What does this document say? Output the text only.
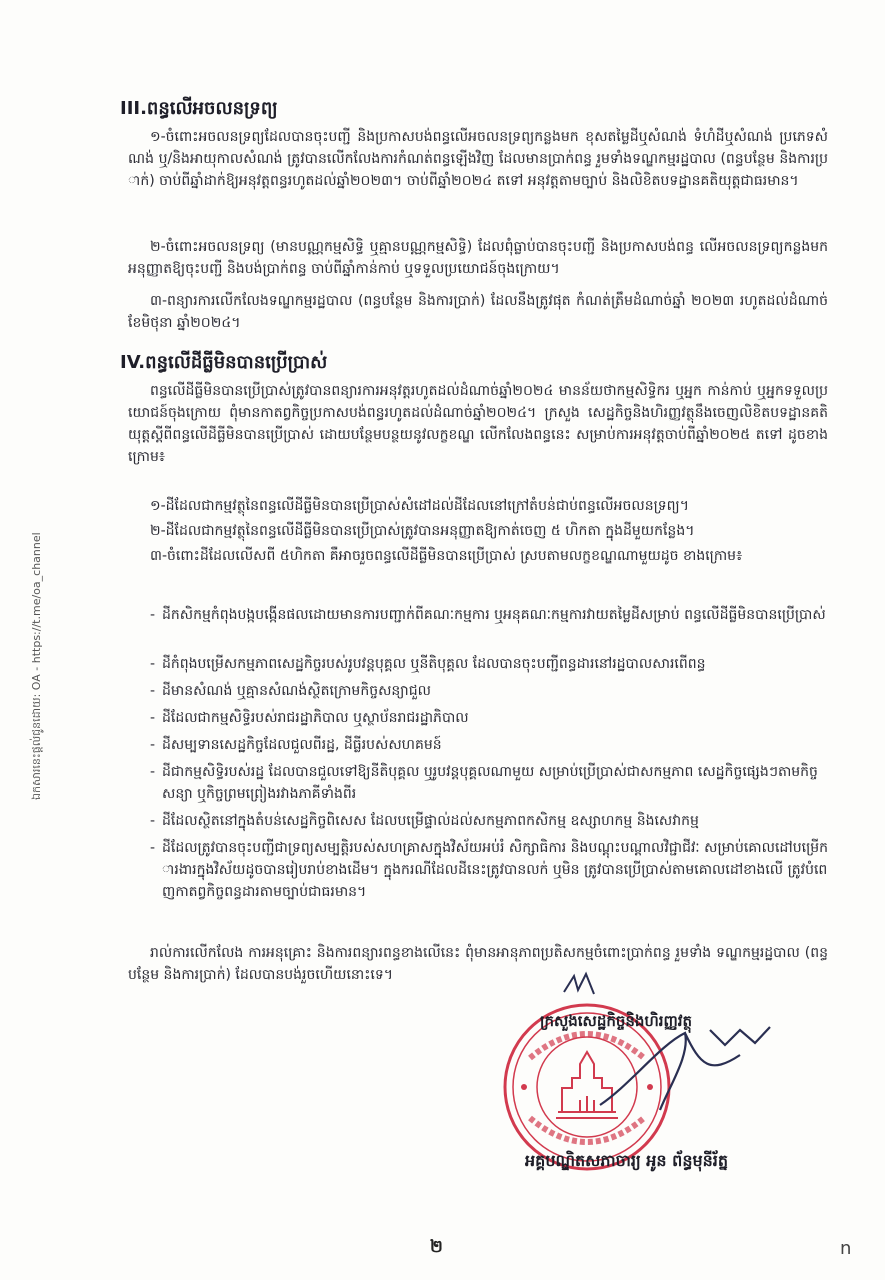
ឯកសារនេះផ្តល់ជូនដោយ: OA - https://t.me/oa_channel
III.ពន្ធលើអចលនទ្រព្យ
១-ចំពោះអចលនទ្រព្យដែលបានចុះបញ្ជី និងប្រកាសបង់ពន្ធលើអចលនទ្រព្យកន្លងមក ខុសតម្លៃដីឬសំណង់ ទំហំដីឬសំណង់ ប្រភេទសំណង់ ឬ/និងអាយុកាលសំណង់ ត្រូវបានលើកលែងការកំណត់ពន្ធឡើងវិញ ដែលមានប្រាក់ពន្ធ រួមទាំងទណ្ឌកម្មរដ្ឋបាល (ពន្ធបន្ថែម និងការប្រាក់) ចាប់ពីឆ្នាំដាក់ឱ្យអនុវត្តពន្ធរហូតដល់ឆ្នាំ២០២៣។ ចាប់ពីឆ្នាំ២០២៤ តទៅ អនុវត្តតាមច្បាប់ និងលិខិតបទដ្ឋានគតិយុត្តជាធរមាន។
២-ចំពោះអចលនទ្រព្យ (មានបណ្ណកម្មសិទ្ធិ ឬគ្មានបណ្ណកម្មសិទ្ធិ) ដែលពុំធ្លាប់បានចុះបញ្ជី និងប្រកាសបង់ពន្ធ លើអចលនទ្រព្យកន្លងមក អនុញ្ញាតឱ្យចុះបញ្ជី និងបង់ប្រាក់ពន្ធ ចាប់ពីឆ្នាំកាន់កាប់ ឬទទួលប្រយោជន៍ចុងក្រោយ។
៣-ពន្យារការលើកលែងទណ្ឌកម្មរដ្ឋបាល (ពន្ធបន្ថែម និងការប្រាក់) ដែលនឹងត្រូវផុត កំណត់ត្រឹមដំណាច់ឆ្នាំ ២០២៣ រហូតដល់ដំណាច់ខែមិថុនា ឆ្នាំ២០២៤។
IV.ពន្ធលើដីធ្លីមិនបានប្រើប្រាស់
ពន្ធលើដីធ្លីមិនបានប្រើប្រាស់ត្រូវបានពន្យារការអនុវត្តរហូតដល់ដំណាច់ឆ្នាំ២០២៤ មានន័យថាកម្មសិទ្ធិករ ឬអ្នក កាន់កាប់ ឬអ្នកទទួលប្រយោជន៍ចុងក្រោយ ពុំមានកាតព្វកិច្ចប្រកាសបង់ពន្ធរហូតដល់ដំណាច់ឆ្នាំ២០២៤។ ក្រសួង សេដ្ឋកិច្ចនិងហិរញ្ញវត្ថុនឹងចេញលិខិតបទដ្ឋានគតិយុត្តស្តីពីពន្ធលើដីធ្លីមិនបានប្រើប្រាស់ ដោយបន្ថែមបន្ថយនូវលក្ខខណ្ឌ លើកលែងពន្ធនេះ សម្រាប់ការអនុវត្តចាប់ពីឆ្នាំ២០២៥ តទៅ ដូចខាងក្រោម៖
១-ដីដែលជាកម្មវត្ថុនៃពន្ធលើដីធ្លីមិនបានប្រើប្រាស់សំដៅដល់ដីដែលនៅក្រៅតំបន់ជាប់ពន្ធលើអចលនទ្រព្យ។
២-ដីដែលជាកម្មវត្ថុនៃពន្ធលើដីធ្លីមិនបានប្រើប្រាស់ត្រូវបានអនុញ្ញាតឱ្យកាត់ចេញ ៥ ហិកតា ក្នុងដីមួយកន្លែង។
៣-ចំពោះដីដែលលើសពី ៥ហិកតា គឺអាចរួចពន្ធលើដីធ្លីមិនបានប្រើប្រាស់ ស្របតាមលក្ខខណ្ឌណាមួយដូច ខាងក្រោម៖
- ដីកសិកម្មកំពុងបង្កបង្កើនផលដោយមានការបញ្ជាក់ពីគណៈកម្មការ ឬអនុគណៈកម្មការវាយតម្លៃដីសម្រាប់ ពន្ធលើដីធ្លីមិនបានប្រើប្រាស់
- ដីកំពុងបម្រើសកម្មភាពសេដ្ឋកិច្ចរបស់រូបវន្តបុគ្គល ឬនីតិបុគ្គល ដែលបានចុះបញ្ជីពន្ធដារនៅរដ្ឋបាលសារពើពន្ធ
- ដីមានសំណង់ ឬគ្មានសំណង់ស្ថិតក្រោមកិច្ចសន្យាជួល
- ដីដែលជាកម្មសិទ្ធិរបស់រាជរដ្ឋាភិបាល ឬស្ថាប័នរាជរដ្ឋាភិបាល
- ដីសម្បទានសេដ្ឋកិច្ចដែលជួលពីរដ្ឋ, ដីធ្លីរបស់សហគមន៍
- ដីជាកម្មសិទ្ធិរបស់រដ្ឋ ដែលបានជួលទៅឱ្យនីតិបុគ្គល ឬរូបវន្តបុគ្គលណាមួយ សម្រាប់ប្រើប្រាស់ជាសកម្មភាព សេដ្ឋកិច្ចផ្សេងៗតាមកិច្ចសន្យា ឬកិច្ចព្រមព្រៀងរវាងភាគីទាំងពីរ
- ដីដែលស្ថិតនៅក្នុងតំបន់សេដ្ឋកិច្ចពិសេស ដែលបម្រើផ្ទាល់ដល់សកម្មភាពកសិកម្ម ឧស្សាហកម្ម និងសេវាកម្ម
- ដីដែលត្រូវបានចុះបញ្ជីជាទ្រព្យសម្បត្តិរបស់សហគ្រាសក្នុងវិស័យអប់រំ សិក្សាធិការ និងបណ្តុះបណ្តាលវិជ្ជាជីវៈ សម្រាប់គោលដៅបម្រើការងារក្នុងវិស័យដូចបានរៀបរាប់ខាងដើម។ ក្នុងករណីដែលដីនេះត្រូវបានលក់ ឬមិន ត្រូវបានប្រើប្រាស់តាមគោលដៅខាងលើ ត្រូវបំពេញកាតព្វកិច្ចពន្ធដារតាមច្បាប់ជាធរមាន។
រាល់ការលើកលែង ការអនុគ្រោះ និងការពន្យារពន្ធខាងលើនេះ ពុំមានអានុភាពប្រតិសកម្មចំពោះប្រាក់ពន្ធ រួមទាំង ទណ្ឌកម្មរដ្ឋបាល (ពន្ធបន្ថែម និងការប្រាក់) ដែលបានបង់រួចហើយនោះទេ។
ក្រសួងសេដ្ឋកិច្ចនិងហិរញ្ញវត្ថុ
អគ្គបណ្ឌិតសភាចារ្យ អូន ព័ន្ធមុនីរ័ត្ន
២	ո
